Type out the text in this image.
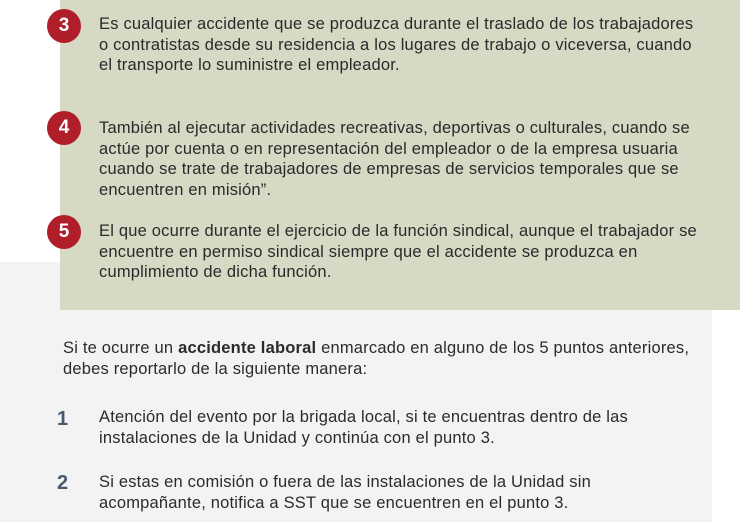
3	Es cualquier accidente que se produzca durante el traslado de los trabajadores o contratistas desde su residencia a los lugares de trabajo o viceversa, cuando el transporte lo suministre el empleador.
4	También al ejecutar actividades recreativas, deportivas o culturales, cuando se actúe por cuenta o en representación del empleador o de la empresa usuaria cuando se trate de trabajadores de empresas de servicios temporales que se encuentren en misión”.
5	El que ocurre durante el ejercicio de la función sindical, aunque el trabajador se encuentre en permiso sindical siempre que el accidente se produzca en cumplimiento de dicha función.
Si te ocurre un accidente laboral enmarcado en alguno de los 5 puntos anteriores, debes reportarlo de la siguiente manera:
1	Atención del evento por la brigada local, si te encuentras dentro de las instalaciones de la Unidad y continúa con el punto 3.
2	Si estas en comisión o fuera de las instalaciones de la Unidad sin acompañante, notifica a SST que se encuentren en el punto 3.
